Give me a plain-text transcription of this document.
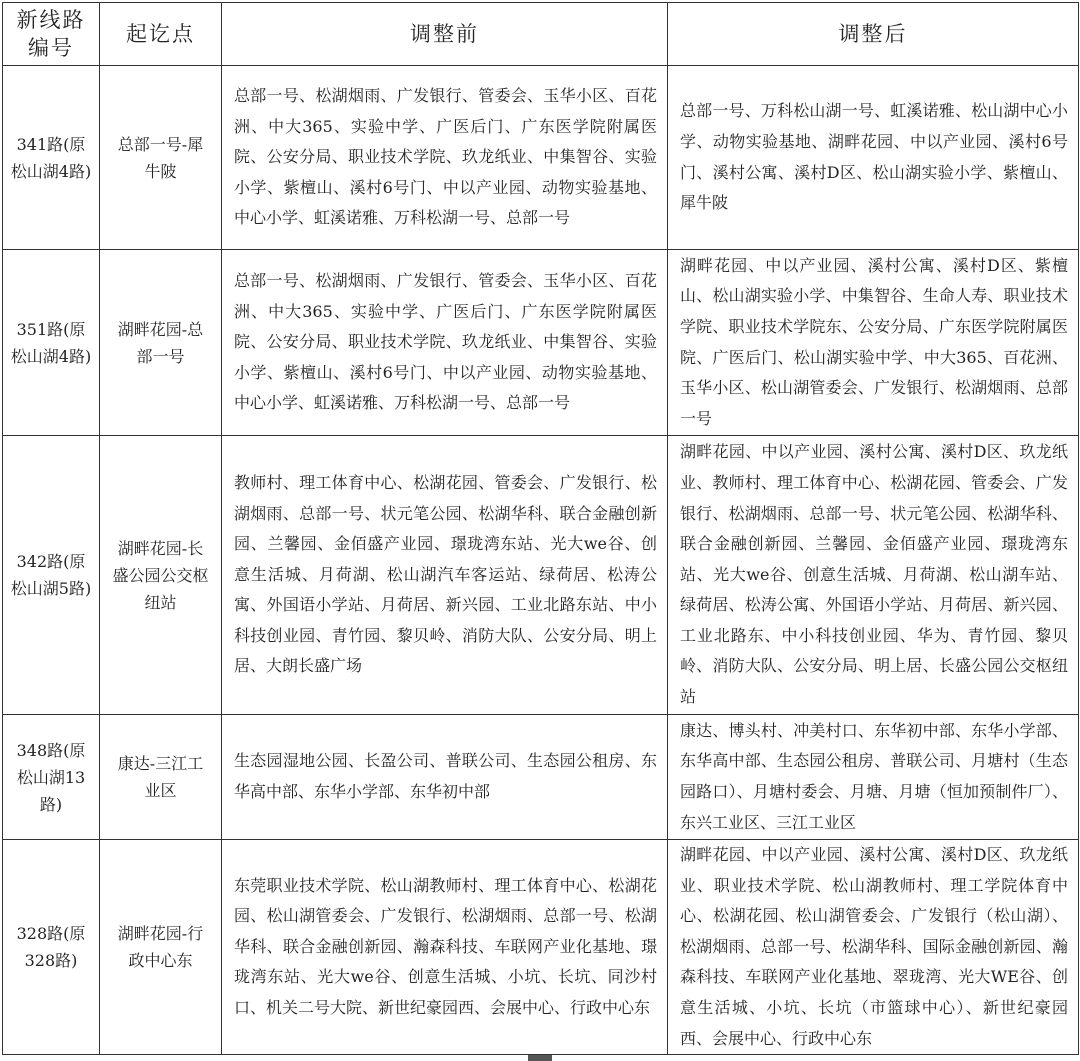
新线路编号	起讫点	调整前	调整后
341路(原松山湖4路)	总部一号-犀牛陂	总部一号、松湖烟雨、广发银行、管委会、玉华小区、百花洲、中大365、实验中学、广医后门、广东医学院附属医院、公安分局、职业技术学院、玖龙纸业、中集智谷、实验小学、紫檀山、溪村6号门、中以产业园、动物实验基地、中心小学、虹溪诺雅、万科松湖一号、总部一号	总部一号、万科松山湖一号、虹溪诺雅、松山湖中心小学、动物实验基地、湖畔花园、中以产业园、溪村6号门、溪村公寓、溪村D区、松山湖实验小学、紫檀山、犀牛陂
351路(原松山湖4路)	湖畔花园-总部一号	总部一号、松湖烟雨、广发银行、管委会、玉华小区、百花洲、中大365、实验中学、广医后门、广东医学院附属医院、公安分局、职业技术学院、玖龙纸业、中集智谷、实验小学、紫檀山、溪村6号门、中以产业园、动物实验基地、中心小学、虹溪诺雅、万科松湖一号、总部一号	湖畔花园、中以产业园、溪村公寓、溪村D区、紫檀山、松山湖实验小学、中集智谷、生命人寿、职业技术学院、职业技术学院东、公安分局、广东医学院附属医院、广医后门、松山湖实验中学、中大365、百花洲、玉华小区、松山湖管委会、广发银行、松湖烟雨、总部一号
342路(原松山湖5路)	湖畔花园-长盛公园公交枢纽站	教师村、理工体育中心、松湖花园、管委会、广发银行、松湖烟雨、总部一号、状元笔公园、松湖华科、联合金融创新园、兰馨园、金佰盛产业园、璟珑湾东站、光大we谷、创意生活城、月荷湖、松山湖汽车客运站、绿荷居、松涛公寓、外国语小学站、月荷居、新兴园、工业北路东站、中小科技创业园、青竹园、黎贝岭、消防大队、公安分局、明上居、大朗长盛广场	湖畔花园、中以产业园、溪村公寓、溪村D区、玖龙纸业、教师村、理工体育中心、松湖花园、管委会、广发银行、松湖烟雨、总部一号、状元笔公园、松湖华科、联合金融创新园、兰馨园、金佰盛产业园、璟珑湾东站、光大we谷、创意生活城、月荷湖、松山湖车站、绿荷居、松涛公寓、外国语小学站、月荷居、新兴园、工业北路东、中小科技创业园、华为、青竹园、黎贝岭、消防大队、公安分局、明上居、长盛公园公交枢纽站
348路(原松山湖13路)	康达-三江工业区	生态园湿地公园、长盈公司、普联公司、生态园公租房、东华高中部、东华小学部、东华初中部	康达、博头村、冲美村口、东华初中部、东华小学部、东华高中部、生态园公租房、普联公司、月塘村（生态园路口）、月塘村委会、月塘、月塘（恒加预制件厂）、东兴工业区、三江工业区
328路(原328路)	湖畔花园-行政中心东	东莞职业技术学院、松山湖教师村、理工体育中心、松湖花园、松山湖管委会、广发银行、松湖烟雨、总部一号、松湖华科、联合金融创新园、瀚森科技、车联网产业化基地、璟珑湾东站、光大we谷、创意生活城、小坑、长坑、同沙村口、机关二号大院、新世纪豪园西、会展中心、行政中心东	湖畔花园、中以产业园、溪村公寓、溪村D区、玖龙纸业、职业技术学院、松山湖教师村、理工学院体育中心、松湖花园、松山湖管委会、广发银行（松山湖）、松湖烟雨、总部一号、松湖华科、国际金融创新园、瀚森科技、车联网产业化基地、翠珑湾、光大WE谷、创意生活城、小坑、长坑（市篮球中心）、新世纪豪园西、会展中心、行政中心东
